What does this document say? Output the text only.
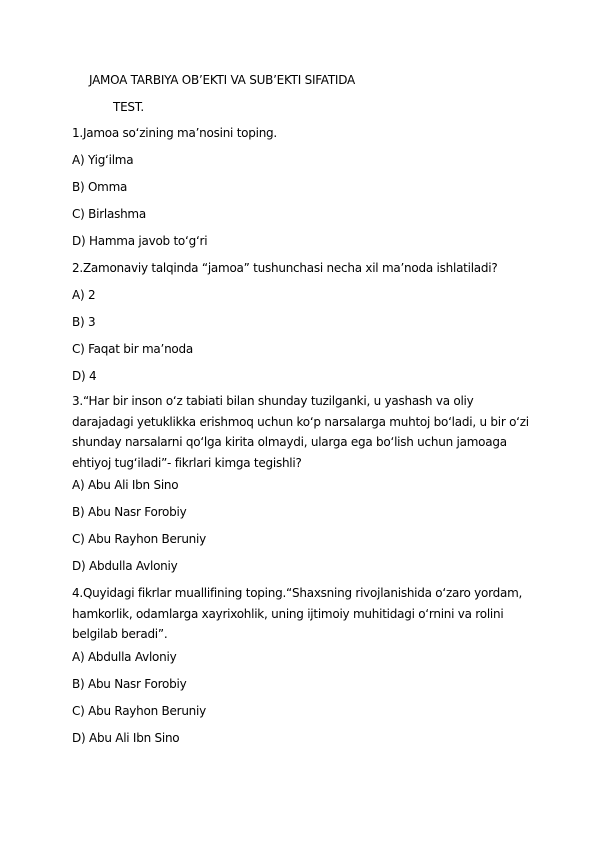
JAMOA TARBIYA OB’EKTI VA SUB’EKTI SIFATIDA
TEST.
1.Jamoa so‘zining ma’nosini toping.
A) Yig‘ilma
B) Omma
C) Birlashma
D) Hamma javob to‘g‘ri
2.Zamonaviy talqinda “jamoa” tushunchasi necha xil ma’noda ishlatiladi?
A) 2
B) 3
C) Faqat bir ma’noda
D) 4
3.“Har bir inson o‘z tabiati bilan shunday tuzilganki, u yashash va oliy darajadagi yetuklikka erishmoq uchun ko‘p narsalarga muhtoj bo‘ladi, u bir o‘zi shunday narsalarni qo‘lga kirita olmaydi, ularga ega bo‘lish uchun jamoaga ehtiyoj tug‘iladi”- fikrlari kimga tegishli?
A) Abu Ali Ibn Sino
B) Abu Nasr Forobiy
C) Abu Rayhon Beruniy
D) Abdulla Avloniy
4.Quyidagi fikrlar muallifining toping.“Shaxsning rivojlanishida o‘zaro yordam, hamkorlik, odamlarga xayrixohlik, uning ijtimoiy muhitidagi o‘rnini va rolini belgilab beradi”.
A) Abdulla Avloniy
B) Abu Nasr Forobiy
C) Abu Rayhon Beruniy
D) Abu Ali Ibn Sino
